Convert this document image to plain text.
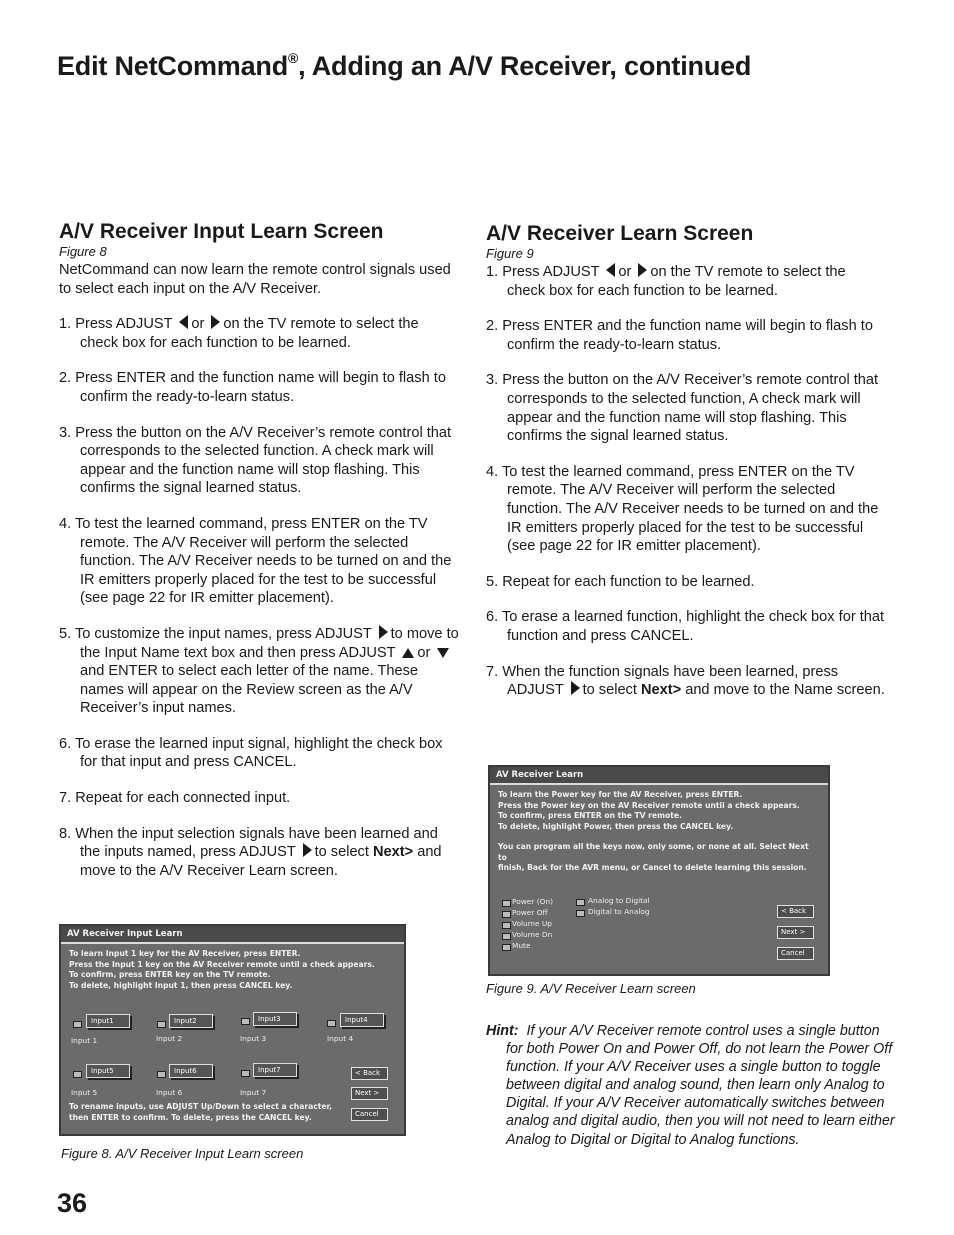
Edit NetCommand®, Adding an A/V Receiver, continued
A/V Receiver Input Learn Screen

Figure 8

NetCommand can now learn the remote control signals used to select each input on the A/V Receiver.

1. Press ADJUST or on the TV remote to select the check box for each function to be learned.

2. Press ENTER and the function name will begin to flash to confirm the ready-to-learn status.

3. Press the button on the A/V Receiver’s remote control that corresponds to the selected function. A check mark will appear and the function name will stop flashing. This confirms the signal learned status.

4. To test the learned command, press ENTER on the TV remote. The A/V Receiver will perform the selected function. The A/V Receiver needs to be turned on and the IR emitters properly placed for the test to be successful (see page 22 for IR emitter placement).

5. To customize the input names, press ADJUST to move to the Input Name text box and then press ADJUST or and ENTER to select each letter of the name. These names will appear on the Review screen as the A/V Receiver’s input names.

6. To erase the learned input signal, highlight the check box for that input and press CANCEL.

7. Repeat for each connected input.

8. When the input selection signals have been learned and the inputs named, press ADJUST to select Next> and move to the A/V Receiver Learn screen.

AV Receiver Input Learn

To learn Input 1 key for the AV Receiver, press ENTER.

Press the Input 1 key on the AV Receiver remote until a check appears.

To confirm, press ENTER key on the TV remote.

To delete, highlight Input 1, then press CANCEL key.

Input1
Input 1
Input2
Input 2
Input3
Input 3
Input4
Input 4
Input5
Input 5
Input6
Input 6
Input7
Input 7
< Back
Next >
Cancel

To rename inputs, use ADJUST Up/Down to select a character,

then ENTER to confirm. To delete, press the CANCEL key.

Figure 8. A/V Receiver Input Learn screen

A/V Receiver Learn Screen

Figure 9

1. Press ADJUST or on the TV remote to select the check box for each function to be learned.

2. Press ENTER and the function name will begin to flash to confirm the ready-to-learn status.

3. Press the button on the A/V Receiver’s remote control that corresponds to the selected function, A check mark will appear and the function name will stop flashing. This confirms the signal learned status.

4. To test the learned command, press ENTER on the TV remote. The A/V Receiver will perform the selected function. The A/V Receiver needs to be turned on and the IR emitters properly placed for the test to be successful (see page 22 for IR emitter placement).

5. Repeat for each function to be learned.

6. To erase a learned function, highlight the check box for that function and press CANCEL.

7. When the function signals have been learned, press ADJUST to select Next> and move to the Name screen.

AV Receiver Learn

To learn the Power key for the AV Receiver, press ENTER.

Press the Power key on the AV Receiver remote until a check appears.

To confirm, press ENTER on the TV remote.

To delete, highlight Power, then press the CANCEL key.

You can program all the keys now, only some, or none at all. Select Next to

finish, Back for the AVR menu, or Cancel to delete learning this session.

Power (On)
Power Off
Volume Up
Volume Dn
Mute
Analog to Digital
Digital to Analog	< Back
Next >
Cancel

Figure 9. A/V Receiver Learn screen

Hint: If your A/V Receiver remote control uses a single button for both Power On and Power Off, do not learn the Power Off function. If your A/V Receiver uses a single button to toggle between digital and analog sound, then learn only Analog to Digital. If your A/V Receiver automatically switches between analog and digital audio, then you will not need to learn either Analog to Digital or Digital to Analog functions.

36
